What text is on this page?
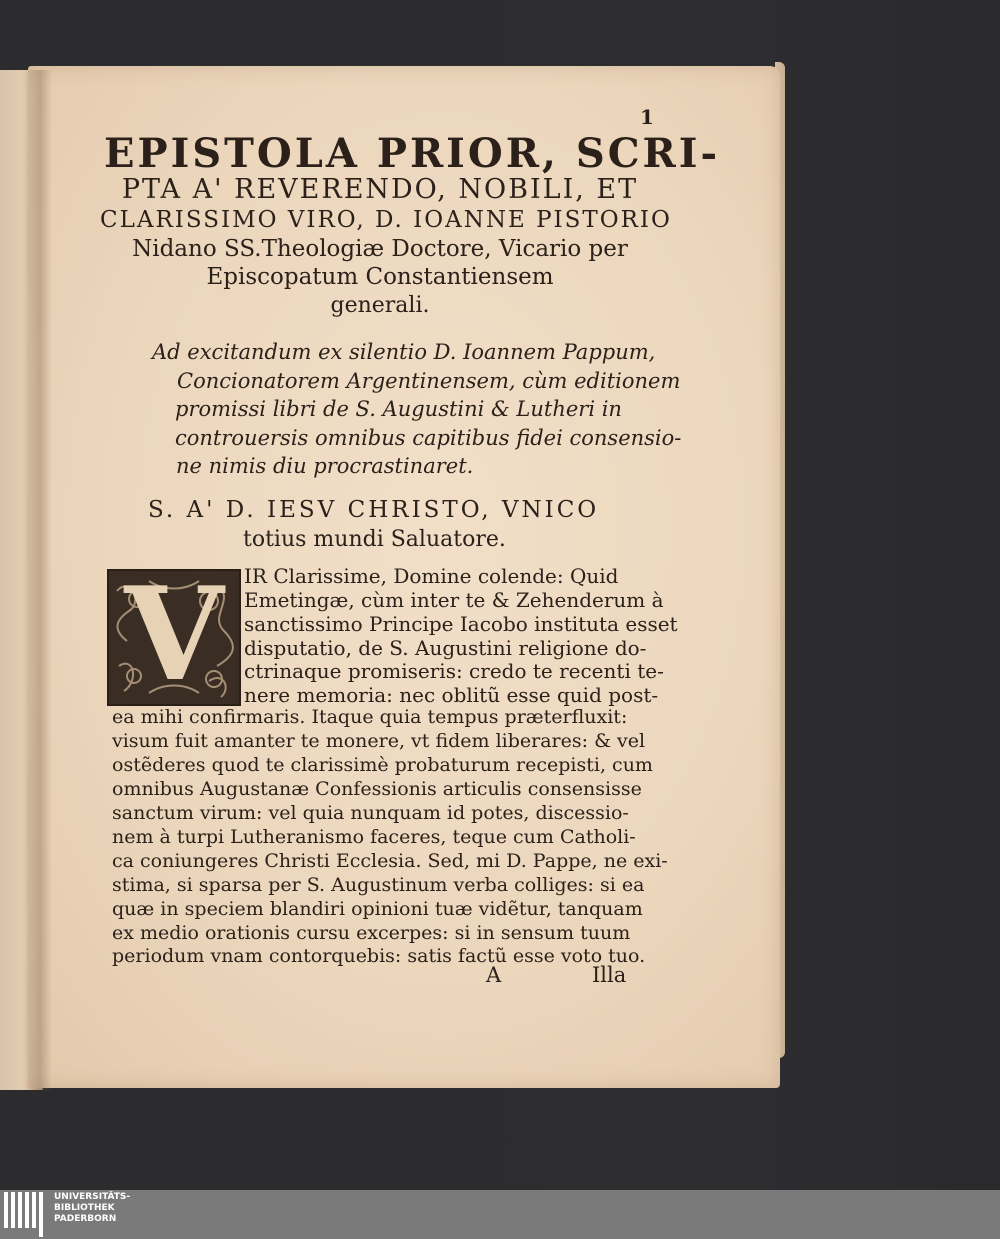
1
EPISTOLA PRIOR, SCRI-
PTA A' REVERENDO, NOBILI, ET
CLARISSIMO VIRO, D. IOANNE PISTORIO
Nidano SS.Theologiæ Doctore, Vicario per
Episcopatum Constantiensem
generali.
Ad excitandum ex silentio D. Ioannem Pappum,
Concionatorem Argentinensem, cùm editionem
promissi libri de S. Augustini & Lutheri in
controuersis omnibus capitibus fidei consensio-
ne nimis diu procrastinaret.
S. A' D. IESV CHRISTO, VNICO
totius mundi Saluatore.
V	IR Clarissime, Domine colende: Quid
Emetingæ, cùm inter te & Zehenderum à
sanctissimo Principe Iacobo instituta esset
disputatio, de S. Augustini religione do-
ctrinaque promiseris: credo te recenti te-
nere memoria: nec oblitũ esse quid post-
ea mihi confirmaris. Itaque quia tempus præterfluxit:
visum fuit amanter te monere, vt fidem liberares: & vel
ostẽderes quod te clarissimè probaturum recepisti, cum
omnibus Augustanæ Confessionis articulis consensisse
sanctum virum: vel quia nunquam id potes, discessio-
nem à turpi Lutheranismo faceres, teque cum Catholi-
ca coniungeres Christi Ecclesia. Sed, mi D. Pappe, ne exi-
stima, si sparsa per S. Augustinum verba colliges: si ea
quæ in speciem blandiri opinioni tuæ vidẽtur, tanquam
ex medio orationis cursu excerpes: si in sensum tuum
periodum vnam contorquebis: satis factũ esse voto tuo.
A	Illa
UNIVERSITÄTS-
BIBLIOTHEK
PADERBORN
